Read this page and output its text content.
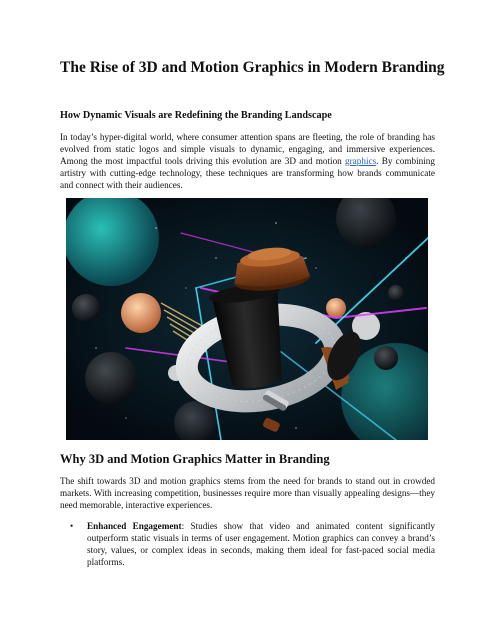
The Rise of 3D and Motion Graphics in Modern Branding
How Dynamic Visuals are Redefining the Branding Landscape
In today’s hyper-digital world, where consumer attention spans are fleeting, the role of branding has evolved from static logos and simple visuals to dynamic, engaging, and immersive experiences. Among the most impactful tools driving this evolution are 3D and motion graphics. By combining artistry with cutting-edge technology, these techniques are transforming how brands communicate and connect with their audiences.
Why 3D and Motion Graphics Matter in Branding
The shift towards 3D and motion graphics stems from the need for brands to stand out in crowded markets. With increasing competition, businesses require more than visually appealing designs—they need memorable, interactive experiences.
• Enhanced Engagement: Studies show that video and animated content significantly outperform static visuals in terms of user engagement. Motion graphics can convey a brand’s story, values, or complex ideas in seconds, making them ideal for fast-paced social media platforms.
